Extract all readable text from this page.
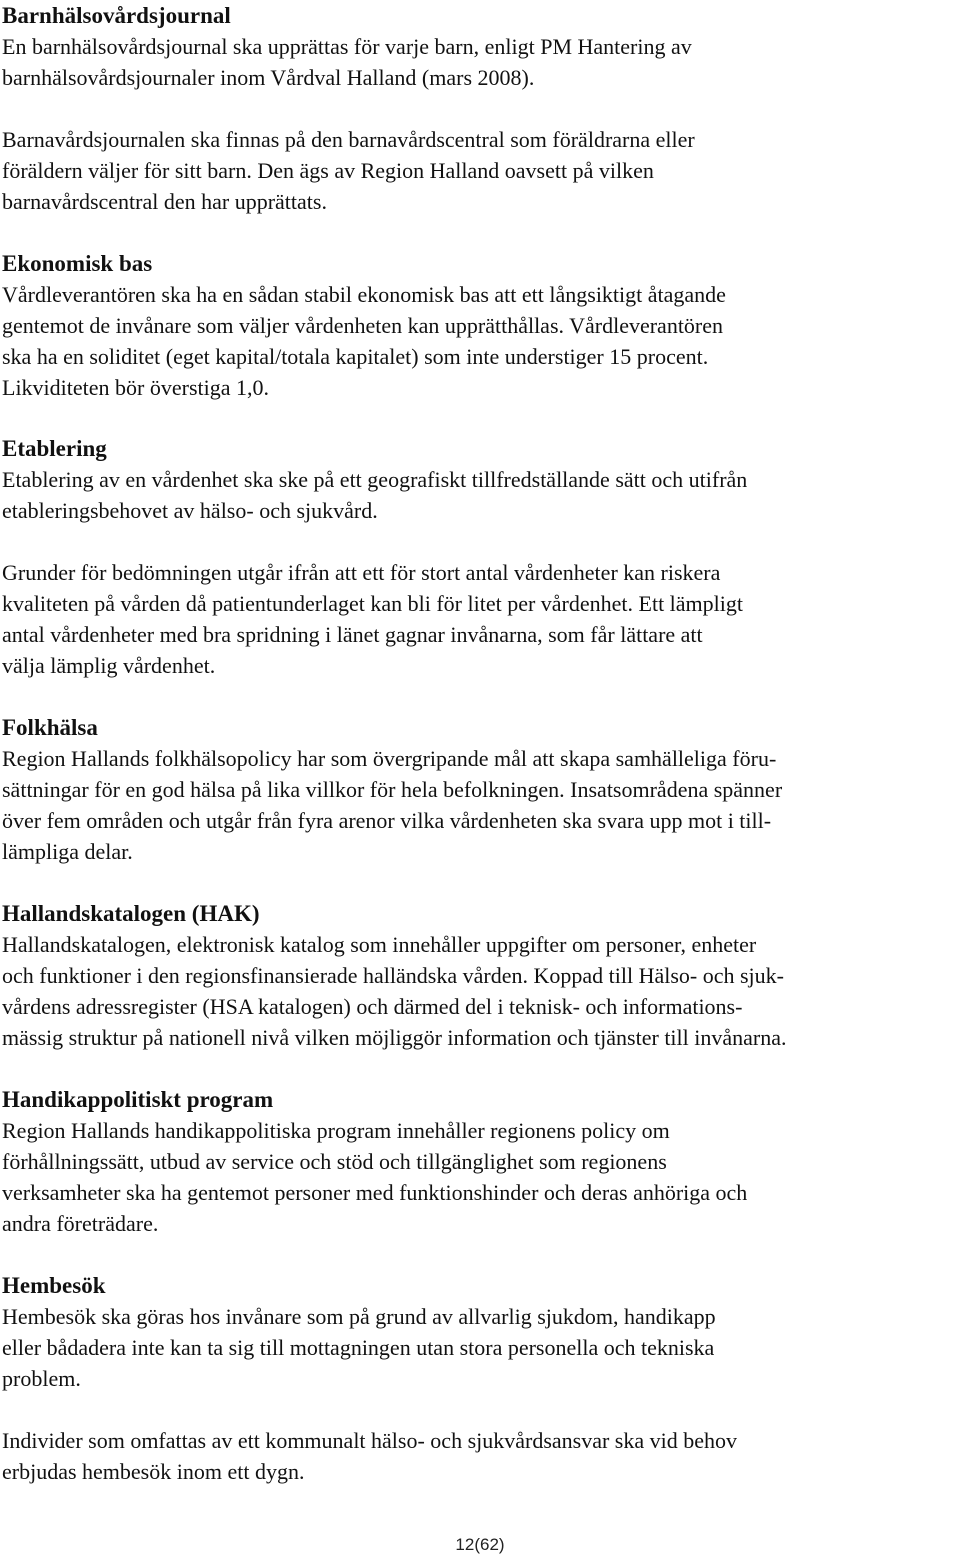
Barnhälsovårdsjournal

En barnhälsovårdsjournal ska upprättas för varje barn, enligt PM Hantering av
barnhälsovårdsjournaler inom Vårdval Halland (mars 2008).

Barnavårdsjournalen ska finnas på den barnavårdscentral som föräldrarna eller
föräldern väljer för sitt barn. Den ägs av Region Halland oavsett på vilken
barnavårdscentral den har upprättats.

Ekonomisk bas

Vårdleverantören ska ha en sådan stabil ekonomisk bas att ett långsiktigt åtagande
gentemot de invånare som väljer vårdenheten kan upprätthållas. Vårdleverantören
ska ha en soliditet (eget kapital/totala kapitalet) som inte understiger 15 procent.
Likviditeten bör överstiga 1,0.

Etablering

Etablering av en vårdenhet ska ske på ett geografiskt tillfredställande sätt och utifrån
etableringsbehovet av hälso- och sjukvård.

Grunder för bedömningen utgår ifrån att ett för stort antal vårdenheter kan riskera
kvaliteten på vården då patientunderlaget kan bli för litet per vårdenhet. Ett lämpligt
antal vårdenheter med bra spridning i länet gagnar invånarna, som får lättare att
välja lämplig vårdenhet.

Folkhälsa

Region Hallands folkhälsopolicy har som övergripande mål att skapa samhälleliga föru-
sättningar för en god hälsa på lika villkor för hela befolkningen. Insatsområdena spänner
över fem områden och utgår från fyra arenor vilka vårdenheten ska svara upp mot i till-
lämpliga delar.

Hallandskatalogen (HAK)

Hallandskatalogen, elektronisk katalog som innehåller uppgifter om personer, enheter
och funktioner i den regionsfinansierade halländska vården. Koppad till Hälso- och sjuk-
vårdens adressregister (HSA katalogen) och därmed del i teknisk- och informations-
mässig struktur på nationell nivå vilken möjliggör information och tjänster till invånarna.

Handikappolitiskt program

Region Hallands handikappolitiska program innehåller regionens policy om
förhållningssätt, utbud av service och stöd och tillgänglighet som regionens
verksamheter ska ha gentemot personer med funktionshinder och deras anhöriga och
andra företrädare.

Hembesök

Hembesök ska göras hos invånare som på grund av allvarlig sjukdom, handikapp
eller bådadera inte kan ta sig till mottagningen utan stora personella och tekniska
problem.

Individer som omfattas av ett kommunalt hälso- och sjukvårdsansvar ska vid behov
erbjudas hembesök inom ett dygn.

12(62)
